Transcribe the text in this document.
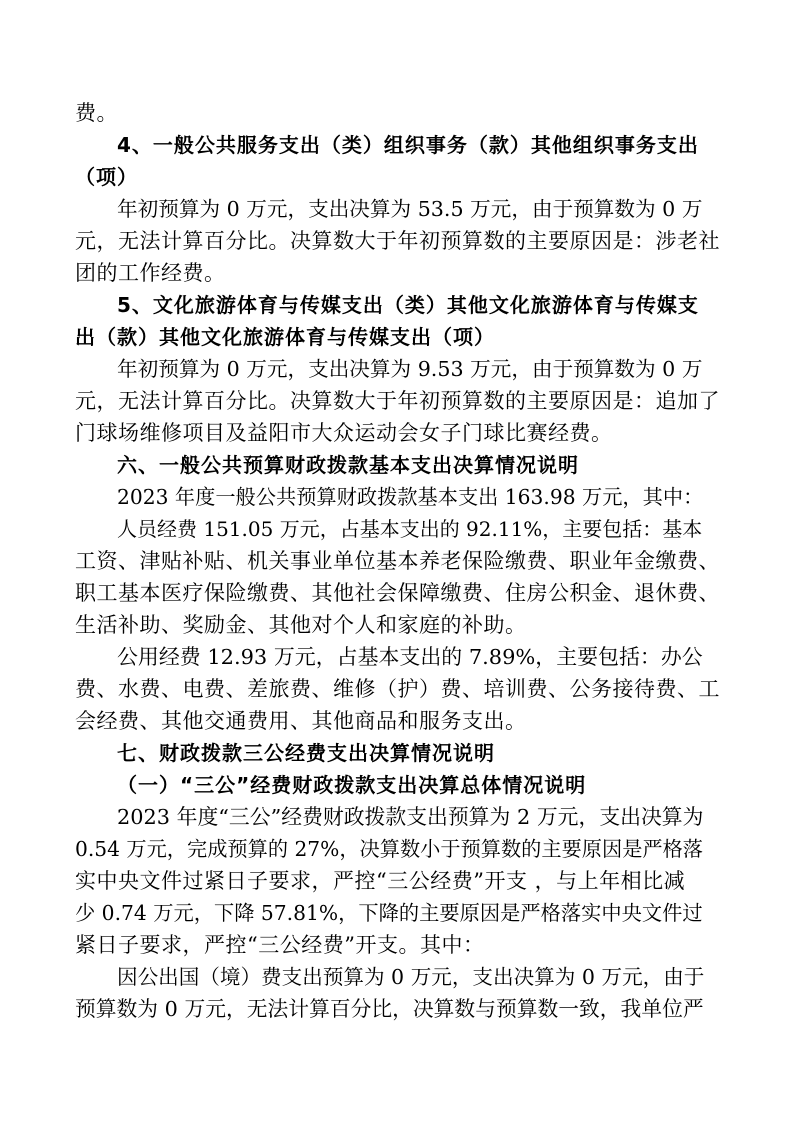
费。
4、一般公共服务支出（类）组织事务（款）其他组织事务支出
（项）
年初预算为 0 万元，支出决算为 53.5 万元，由于预算数为 0 万
元，无法计算百分比。决算数大于年初预算数的主要原因是：涉老社
团的工作经费。
5、文化旅游体育与传媒支出（类）其他文化旅游体育与传媒支
出（款）其他文化旅游体育与传媒支出（项）
年初预算为 0 万元，支出决算为 9.53 万元，由于预算数为 0 万
元，无法计算百分比。决算数大于年初预算数的主要原因是：追加了
门球场维修项目及益阳市大众运动会女子门球比赛经费。
六、一般公共预算财政拨款基本支出决算情况说明
2023 年度一般公共预算财政拨款基本支出 163.98 万元，其中：
人员经费 151.05 万元，占基本支出的 92.11%，主要包括：基本
工资、津贴补贴、机关事业单位基本养老保险缴费、职业年金缴费、
职工基本医疗保险缴费、其他社会保障缴费、住房公积金、退休费、
生活补助、奖励金、其他对个人和家庭的补助。
公用经费 12.93 万元，占基本支出的 7.89%，主要包括：办公
费、水费、电费、差旅费、维修（护）费、培训费、公务接待费、工
会经费、其他交通费用、其他商品和服务支出。
七、财政拨款三公经费支出决算情况说明
（一）“三公”经费财政拨款支出决算总体情况说明
2023 年度“三公”经费财政拨款支出预算为 2 万元，支出决算为
0.54 万元，完成预算的 27%，决算数小于预算数的主要原因是严格落
实中央文件过紧日子要求，严控“三公经费”开支 ，与上年相比减
少 0.74 万元，下降 57.81%，下降的主要原因是严格落实中央文件过
紧日子要求，严控“三公经费”开支。其中：
因公出国（境）费支出预算为 0 万元，支出决算为 0 万元，由于
预算数为 0 万元，无法计算百分比，决算数与预算数一致，我单位严
